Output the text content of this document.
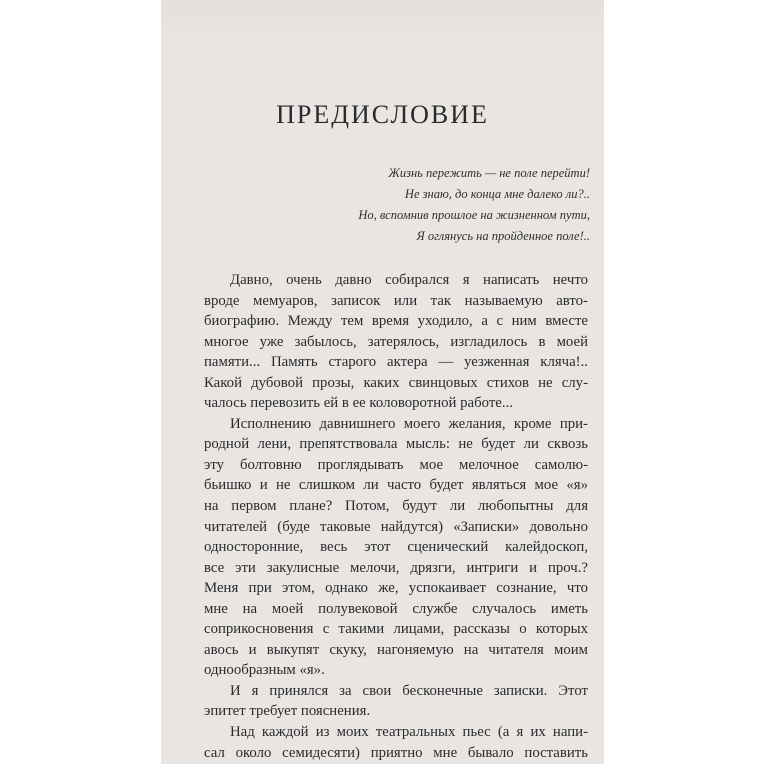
ПРЕДИСЛОВИЕ
Жизнь пережить — не поле перейти!
Не знаю, до конца мне далеко ли?..
Но, вспомнив прошлое на жизненном пути,
Я оглянусь на пройденное поле!..
Давно, очень давно собирался я написать нечто
вроде мемуаров, записок или так называемую авто-
биографию. Между тем время уходило, а с ним вместе
многое уже забылось, затерялось, изгладилось в моей
памяти... Память старого актера — уезженная кляча!..
Какой дубовой прозы, каких свинцовых стихов не слу-
чалось перевозить ей в ее коловоротной работе...
Исполнению давнишнего моего желания, кроме при-
родной лени, препятствовала мысль: не будет ли сквозь
эту болтовню проглядывать мое мелочное самолю-
бьишко и не слишком ли часто будет являться мое «я»
на первом плане? Потом, будут ли любопытны для
читателей (буде таковые найдутся) «Записки» довольно
односторонние, весь этот сценический калейдоскоп,
все эти закулисные мелочи, дрязги, интриги и проч.?
Меня при этом, однако же, успокаивает сознание, что
мне на моей полувековой службе случалось иметь
соприкосновения с такими лицами, рассказы о которых
авось и выкупят скуку, нагоняемую на читателя моим
однообразным «я».
И я принялся за свои бесконечные записки. Этот
эпитет требует пояснения.
Над каждой из моих театральных пьес (а я их напи-
сал около семидесяти) приятно мне бывало поставить
